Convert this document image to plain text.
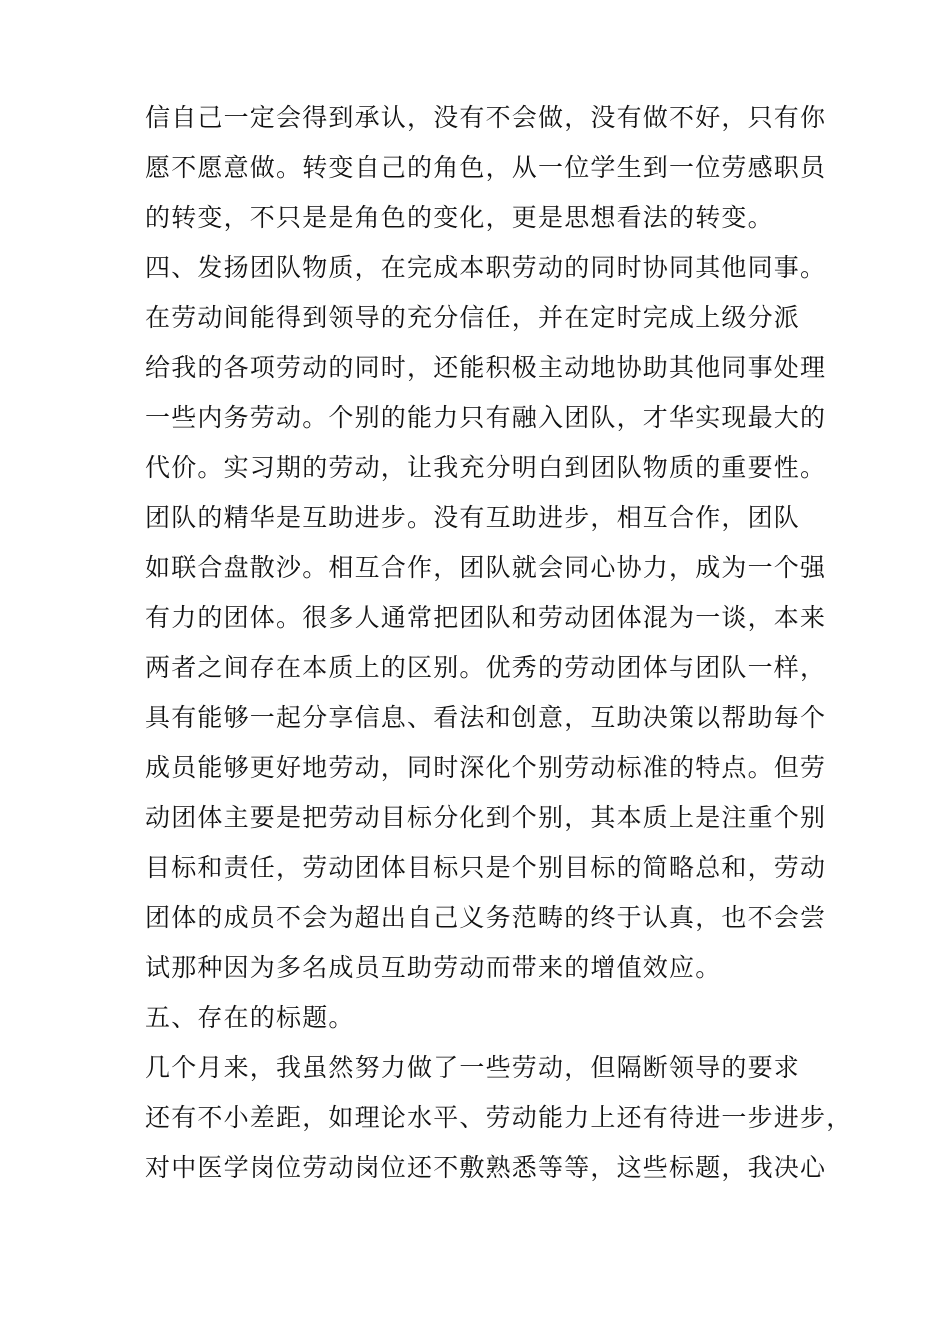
信自己一定会得到承认，没有不会做，没有做不好，只有你
愿不愿意做。转变自己的角色，从一位学生到一位劳感职员
的转变，不只是是角色的变化，更是思想看法的转变。
四、发扬团队物质，在完成本职劳动的同时协同其他同事。
在劳动间能得到领导的充分信任，并在定时完成上级分派
给我的各项劳动的同时，还能积极主动地协助其他同事处理
一些内务劳动。个别的能力只有融入团队，才华实现最大的
代价。实习期的劳动，让我充分明白到团队物质的重要性。
团队的精华是互助进步。没有互助进步，相互合作，团队
如联合盘散沙。相互合作，团队就会同心协力，成为一个强
有力的团体。很多人通常把团队和劳动团体混为一谈，本来
两者之间存在本质上的区别。优秀的劳动团体与团队一样，
具有能够一起分享信息、看法和创意，互助决策以帮助每个
成员能够更好地劳动，同时深化个别劳动标准的特点。但劳
动团体主要是把劳动目标分化到个别，其本质上是注重个别
目标和责任，劳动团体目标只是个别目标的简略总和，劳动
团体的成员不会为超出自己义务范畴的终于认真，也不会尝
试那种因为多名成员互助劳动而带来的增值效应。
五、存在的标题。
几个月来，我虽然努力做了一些劳动，但隔断领导的要求
还有不小差距，如理论水平、劳动能力上还有待进一步进步，
对中医学岗位劳动岗位还不敷熟悉等等，这些标题，我决心
